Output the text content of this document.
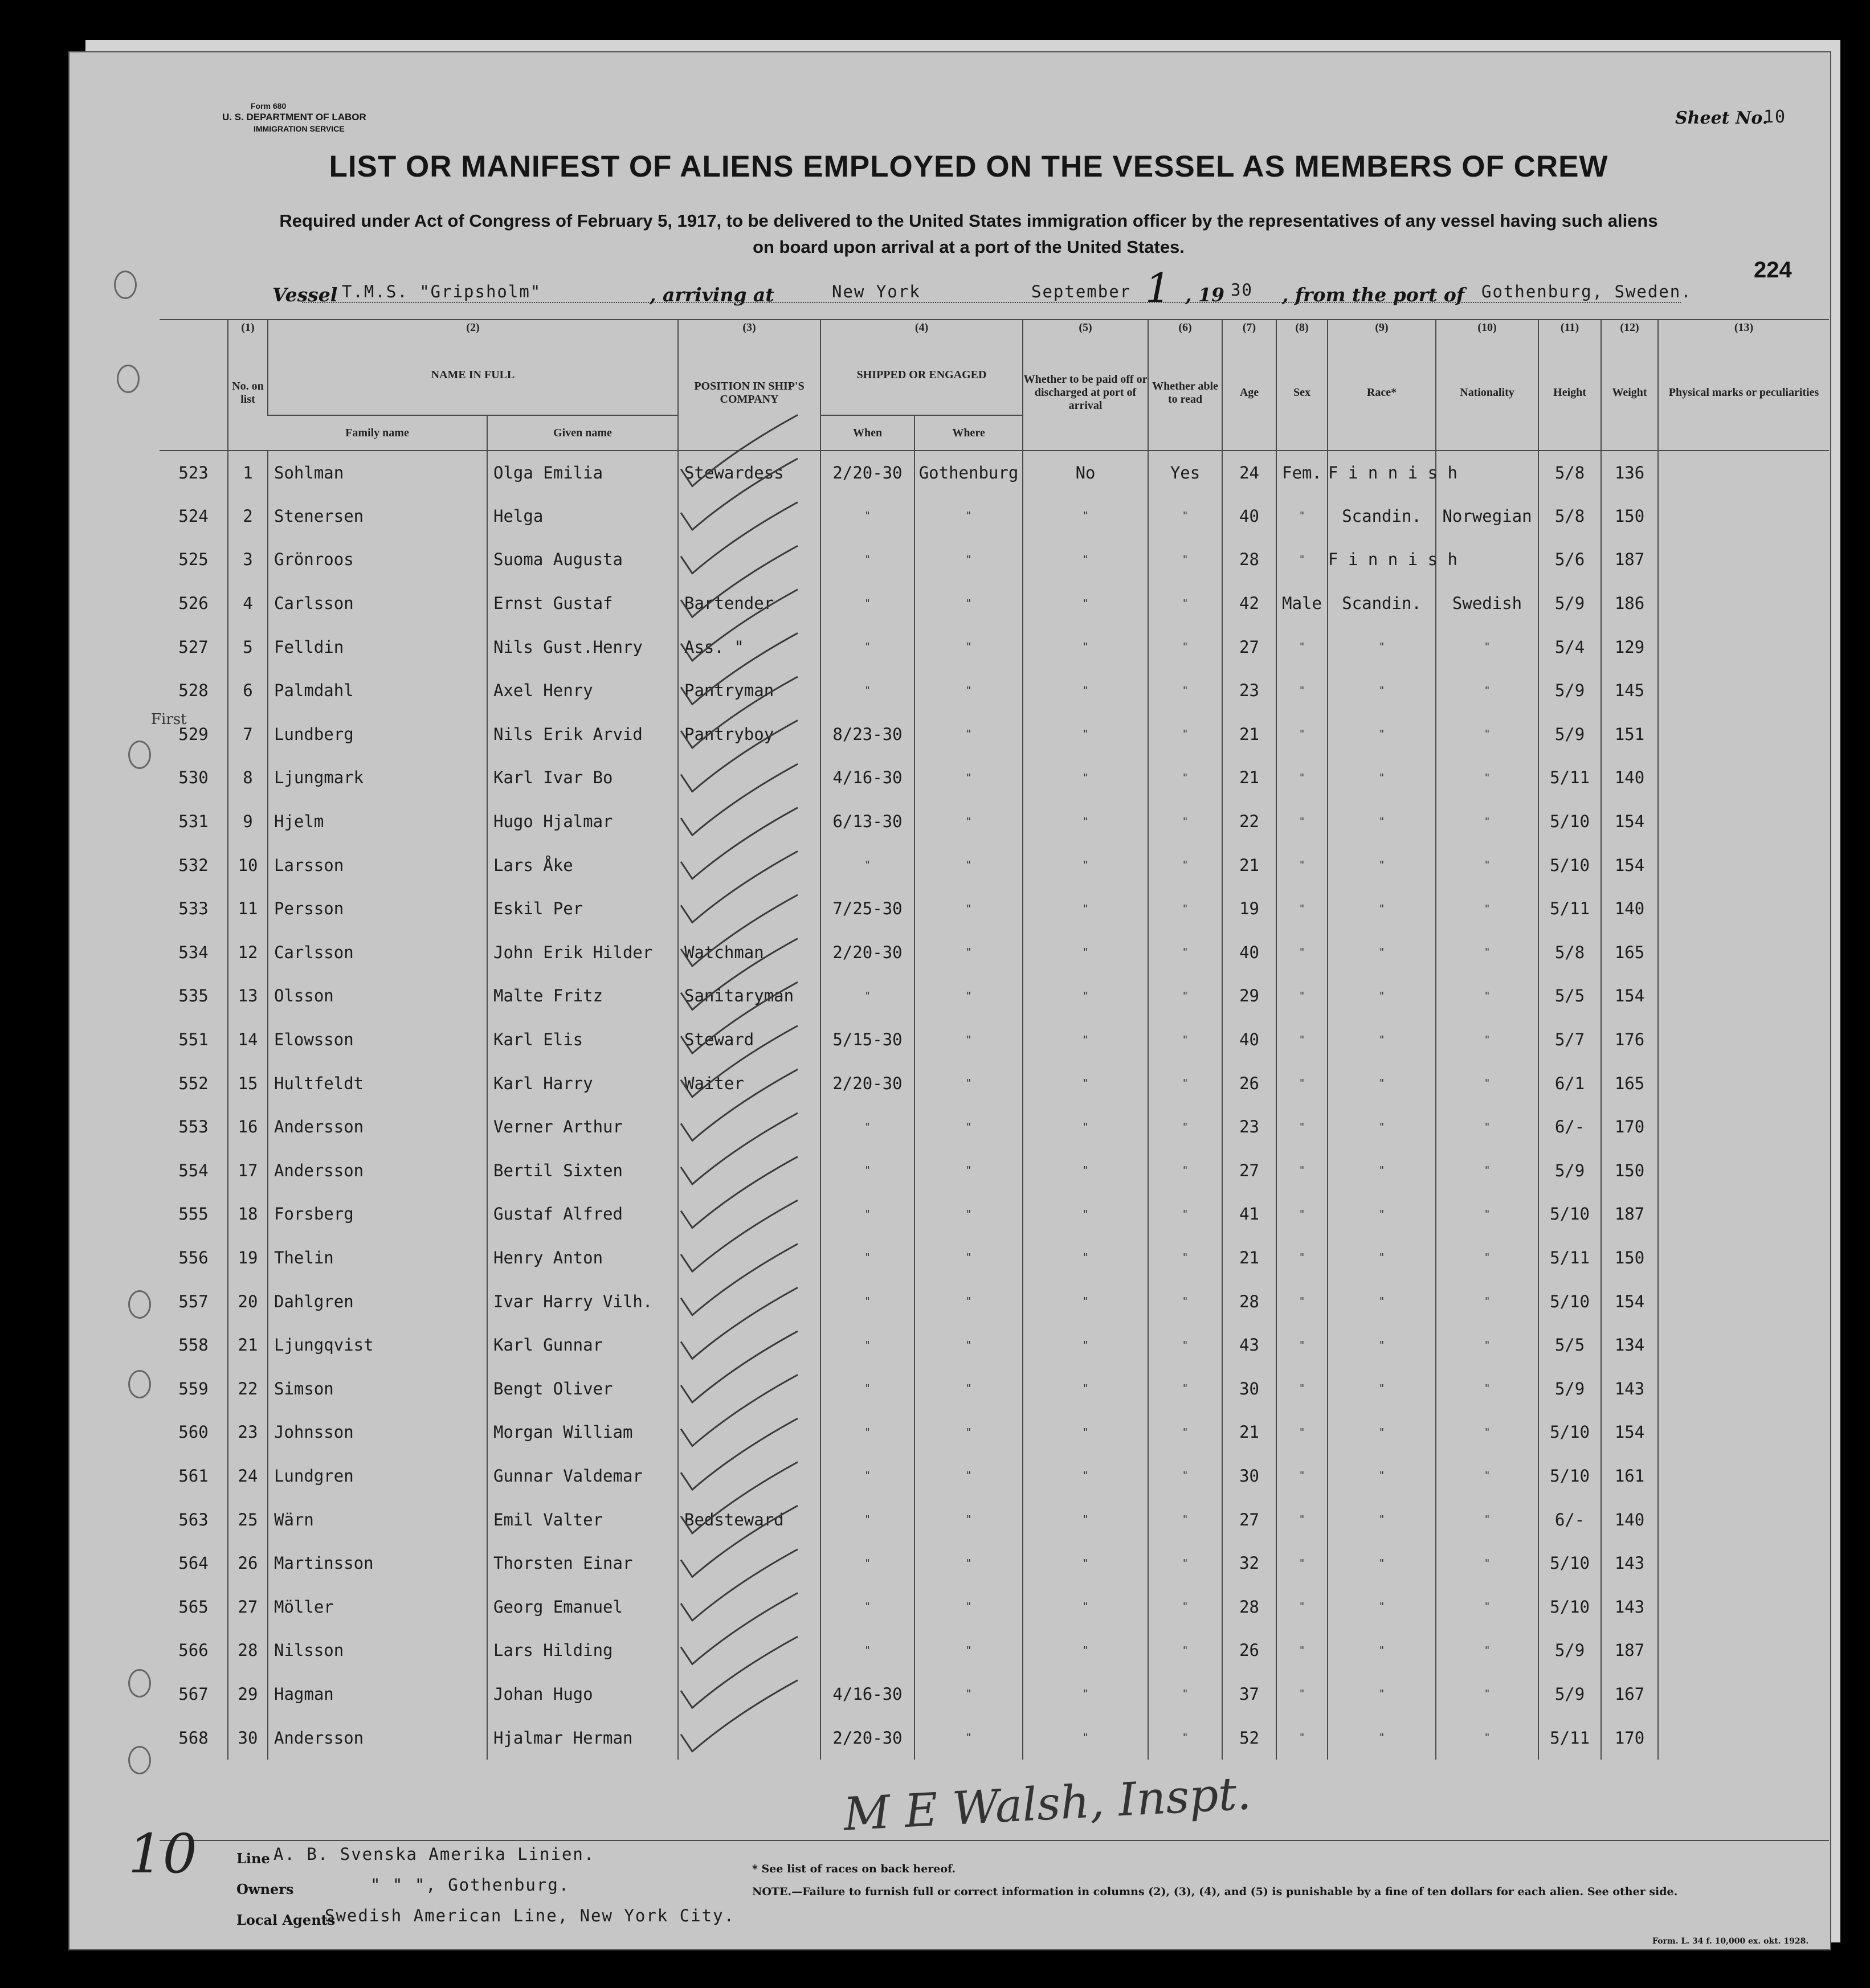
Form 680
U. S. DEPARTMENT OF LABOR
IMMIGRATION SERVICE
Sheet No.
10
LIST OR MANIFEST OF ALIENS EMPLOYED ON THE VESSEL AS MEMBERS OF CREW
Required under Act of Congress of February 5, 1917, to be delivered to the United States immigration officer by the representatives of any vessel having such aliens
on board upon arrival at a port of the United States.
224
Vessel T.M.S. "Gripsholm"	, arriving at	New York	September 1 , 19 30 , from the port of Gothenburg, Sweden.
First
	(1)	(2)		(3)	(4)		(5)	(6)	(7)	(8)	(9)	(10)	(11)	(12)	(13)
	No. on list	NAME IN FULL		POSITION IN SHIP'S COMPANY	SHIPPED OR ENGAGED		Whether to be paid off or discharged at port of arrival	Whether able to read	Age	Sex	Race*	Nationality	Height	Weight	Physical marks or peculiarities
		Family name	Given name		When	Where									
523	1	Sohlman	Olga Emilia	Stewardess	2/20-30	Gothenburg	No	Yes	24	Fem.	F i n n i s h		5/8	136	
524	2	Stenersen	Helga		"	"	"	"	40	"	Scandin.	Norwegian	5/8	150	
525	3	Grönroos	Suoma Augusta		"	"	"	"	28	"	F i n n i s h		5/6	187	
526	4	Carlsson	Ernst Gustaf	Bartender	"	"	"	"	42	Male	Scandin.	Swedish	5/9	186	
527	5	Felldin	Nils Gust.Henry	Ass. "	"	"	"	"	27	"	"	"	5/4	129	
528	6	Palmdahl	Axel Henry	Pantryman	"	"	"	"	23	"	"	"	5/9	145	
529	7	Lundberg	Nils Erik Arvid	Pantryboy	8/23-30	"	"	"	21	"	"	"	5/9	151	
530	8	Ljungmark	Karl Ivar Bo		4/16-30	"	"	"	21	"	"	"	5/11	140	
531	9	Hjelm	Hugo Hjalmar		6/13-30	"	"	"	22	"	"	"	5/10	154	
532	10	Larsson	Lars Åke		"	"	"	"	21	"	"	"	5/10	154	
533	11	Persson	Eskil Per		7/25-30	"	"	"	19	"	"	"	5/11	140	
534	12	Carlsson	John Erik Hilder	Watchman	2/20-30	"	"	"	40	"	"	"	5/8	165	
535	13	Olsson	Malte Fritz	Sanitaryman	"	"	"	"	29	"	"	"	5/5	154	
551	14	Elowsson	Karl Elis	Steward	5/15-30	"	"	"	40	"	"	"	5/7	176	
552	15	Hultfeldt	Karl Harry	Waiter	2/20-30	"	"	"	26	"	"	"	6/1	165	
553	16	Andersson	Verner Arthur		"	"	"	"	23	"	"	"	6/-	170	
554	17	Andersson	Bertil Sixten		"	"	"	"	27	"	"	"	5/9	150	
555	18	Forsberg	Gustaf Alfred		"	"	"	"	41	"	"	"	5/10	187	
556	19	Thelin	Henry Anton		"	"	"	"	21	"	"	"	5/11	150	
557	20	Dahlgren	Ivar Harry Vilh.		"	"	"	"	28	"	"	"	5/10	154	
558	21	Ljungqvist	Karl Gunnar		"	"	"	"	43	"	"	"	5/5	134	
559	22	Simson	Bengt Oliver		"	"	"	"	30	"	"	"	5/9	143	
560	23	Johnsson	Morgan William		"	"	"	"	21	"	"	"	5/10	154	
561	24	Lundgren	Gunnar Valdemar		"	"	"	"	30	"	"	"	5/10	161	
563	25	Wärn	Emil Valter	Bedsteward	"	"	"	"	27	"	"	"	6/-	140	
564	26	Martinsson	Thorsten Einar		"	"	"	"	32	"	"	"	5/10	143	
565	27	Möller	Georg Emanuel		"	"	"	"	28	"	"	"	5/10	143	
566	28	Nilsson	Lars Hilding		"	"	"	"	26	"	"	"	5/9	187	
567	29	Hagman	Johan Hugo		4/16-30	"	"	"	37	"	"	"	5/9	167	
568	30	Andersson	Hjalmar Herman		2/20-30	"	"	"	52	"	"	"	5/11	170	
M E Walsh, Inspt.
Line A. B. Svenska Amerika Linien.
Owners	" " ", Gothenburg.
Local Agents
Swedish American Line, New York City.
* See list of races on back hereof.
NOTE.—Failure to furnish full or correct information in columns (2), (3), (4), and (5) is punishable by a fine of ten dollars for each alien. See other side.
Form. L. 34 f. 10,000 ex. okt. 1928.
10
